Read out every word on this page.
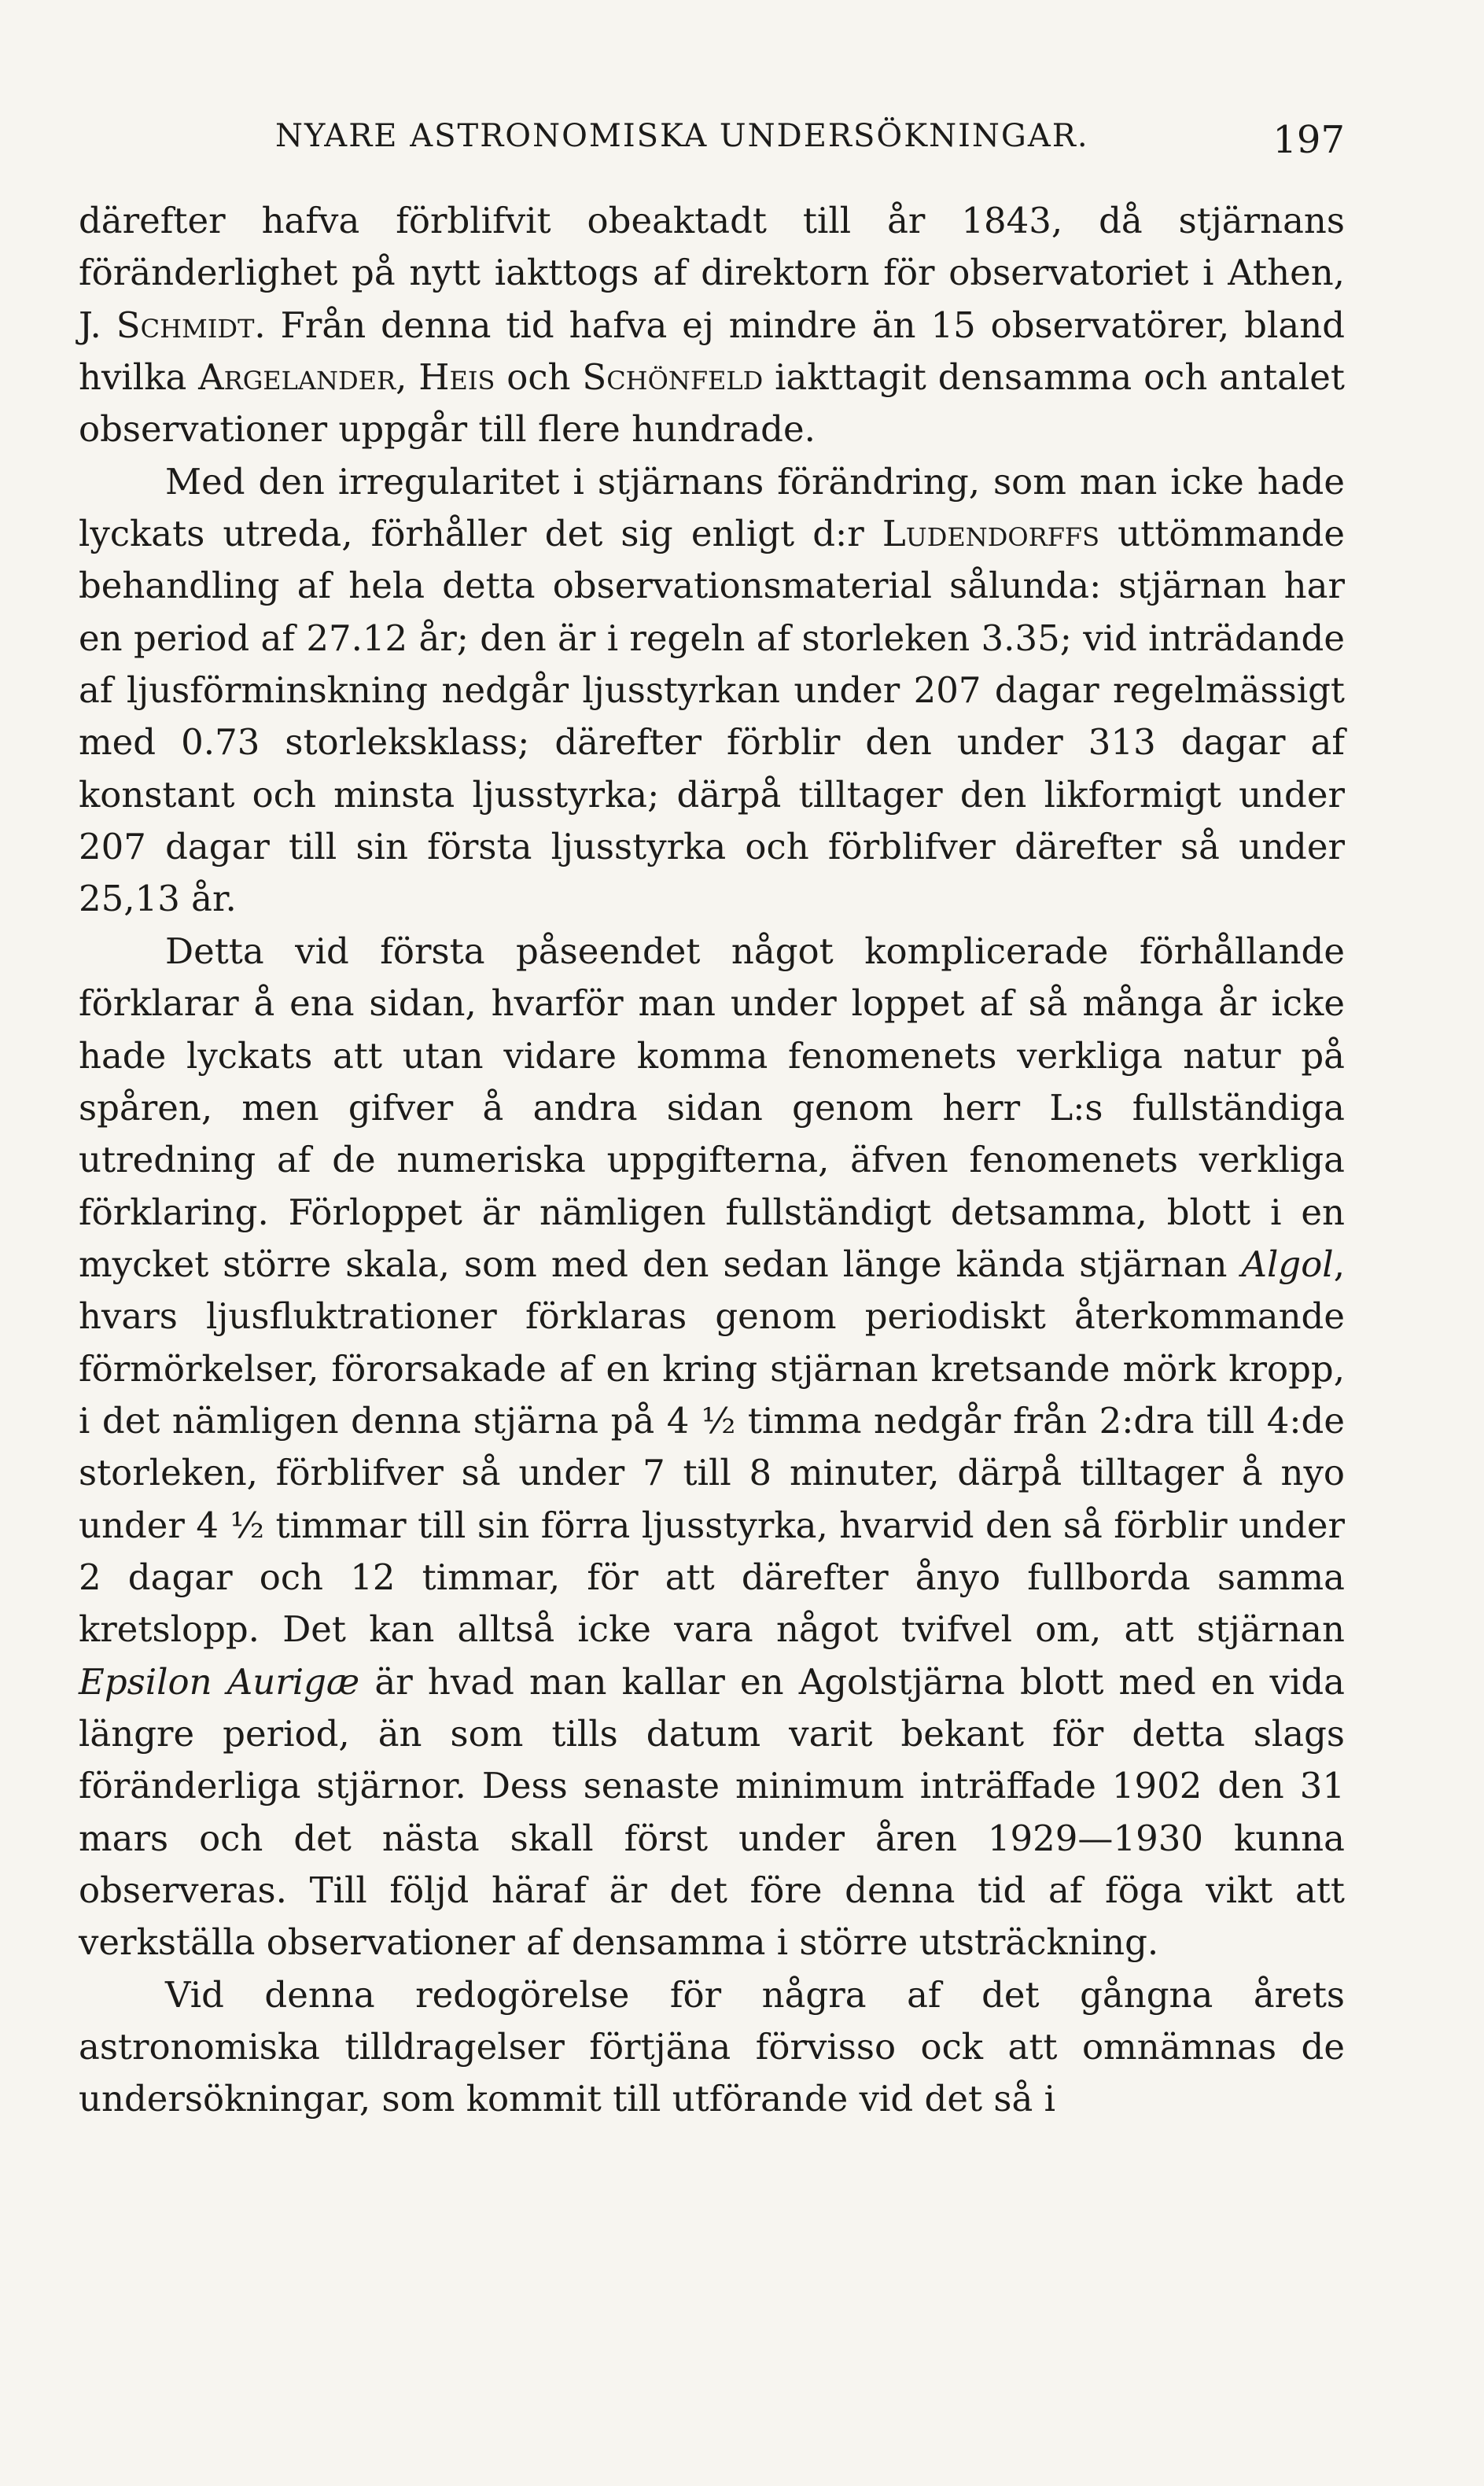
NYARE ASTRONOMISKA UNDERSÖKNINGAR.	197

därefter hafva förblifvit obeaktadt till år 1843, då stjärnans föränderlighet på nytt iakttogs af direktorn för observatoriet i Athen, J. Schmidt. Från denna tid hafva ej mindre än 15 observatörer, bland hvilka Argelander, Heis och Schönfeld iakttagit densamma och antalet observationer uppgår till flere hundrade.

Med den irregularitet i stjärnans förändring, som man icke hade lyckats utreda, förhåller det sig enligt d:r Ludendorffs uttömmande behandling af hela detta observationsmaterial sålunda: stjärnan har en period af 27.12 år; den är i regeln af storleken 3.35; vid inträdande af ljusförminskning nedgår ljusstyrkan under 207 dagar regelmässigt med 0.73 storleksklass; därefter förblir den under 313 dagar af konstant och minsta ljusstyrka; därpå tilltager den likformigt under 207 dagar till sin första ljusstyrka och förblifver därefter så under 25,13 år.

Detta vid första påseendet något komplicerade förhållande förklarar å ena sidan, hvarför man under loppet af så många år icke hade lyckats att utan vidare komma fenomenets verkliga natur på spåren, men gifver å andra sidan genom herr L:s fullständiga utredning af de numeriska uppgifterna, äfven fenomenets verkliga förklaring. Förloppet är nämligen fullständigt detsamma, blott i en mycket större skala, som med den sedan länge kända stjärnan Algol, hvars ljusfluktrationer förklaras genom periodiskt återkommande förmörkelser, förorsakade af en kring stjärnan kretsande mörk kropp, i det nämligen denna stjärna på 4 ½ timma nedgår från 2:dra till 4:de storleken, förblifver så under 7 till 8 minuter, därpå tilltager å nyo under 4 ½ timmar till sin förra ljusstyrka, hvarvid den så förblir under 2 dagar och 12 timmar, för att därefter ånyo fullborda samma kretslopp. Det kan alltså icke vara något tvifvel om, att stjärnan Epsilon Aurigæ är hvad man kallar en Agolstjärna blott med en vida längre period, än som tills datum varit bekant för detta slags föränderliga stjärnor. Dess senaste minimum inträffade 1902 den 31 mars och det nästa skall först under åren 1929—1930 kunna observeras. Till följd häraf är det före denna tid af föga vikt att verkställa observationer af densamma i större utsträckning.

Vid denna redogörelse för några af det gångna årets astronomiska tilldragelser förtjäna förvisso ock att omnämnas de undersökningar, som kommit till utförande vid det så i
